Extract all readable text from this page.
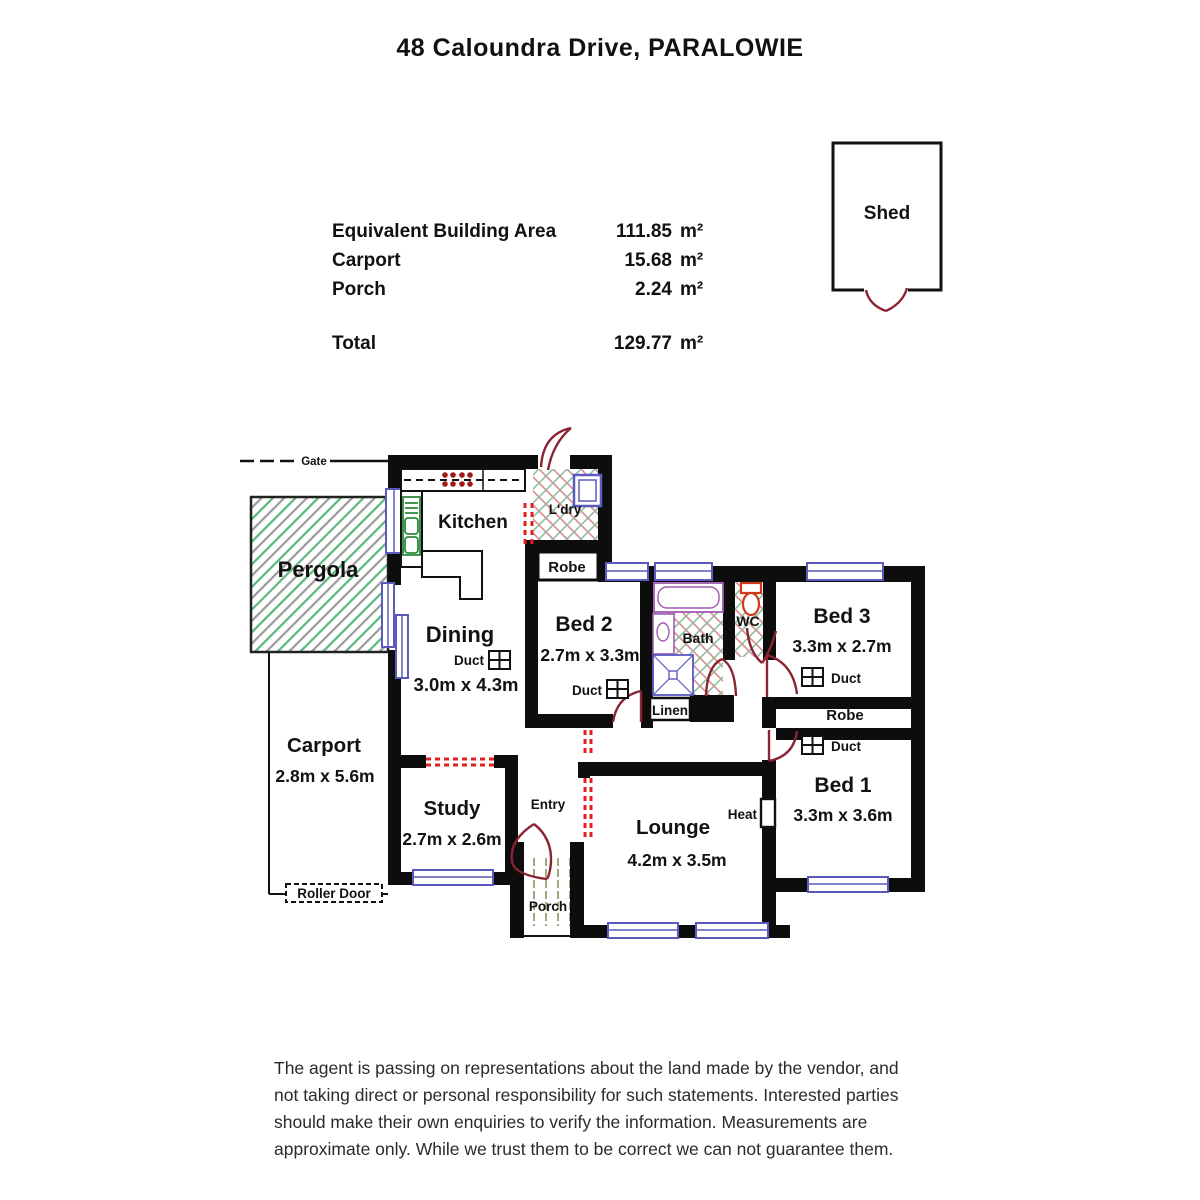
48 Caloundra Drive, PARALOWIE
Equivalent Building Area	111.85 m²
Carport	15.68 m²
Porch	2.24 m²
Total	129.77 m²
Shed
Gate
Pergola
Roller Door
Carport
2.8m x 5.6m
Kitchen
L'dry
Robe
Bed 2
2.7m x 3.3m
Duct
Bath
WC	Bed 3
3.3m x 2.7m
Duct
Linen	Robe
Duct
Bed 1
3.3m x 3.6m
Dining
Duct
3.0m x 4.3m
Study
2.7m x 2.6m
Entry
Lounge
4.2m x 3.5m
Heat
Porch
The agent is passing on representations about the land made by the vendor, and
not taking direct or personal responsibility for such statements. Interested parties
should make their own enquiries to verify the information. Measurements are
approximate only. While we trust them to be correct we can not guarantee them.
